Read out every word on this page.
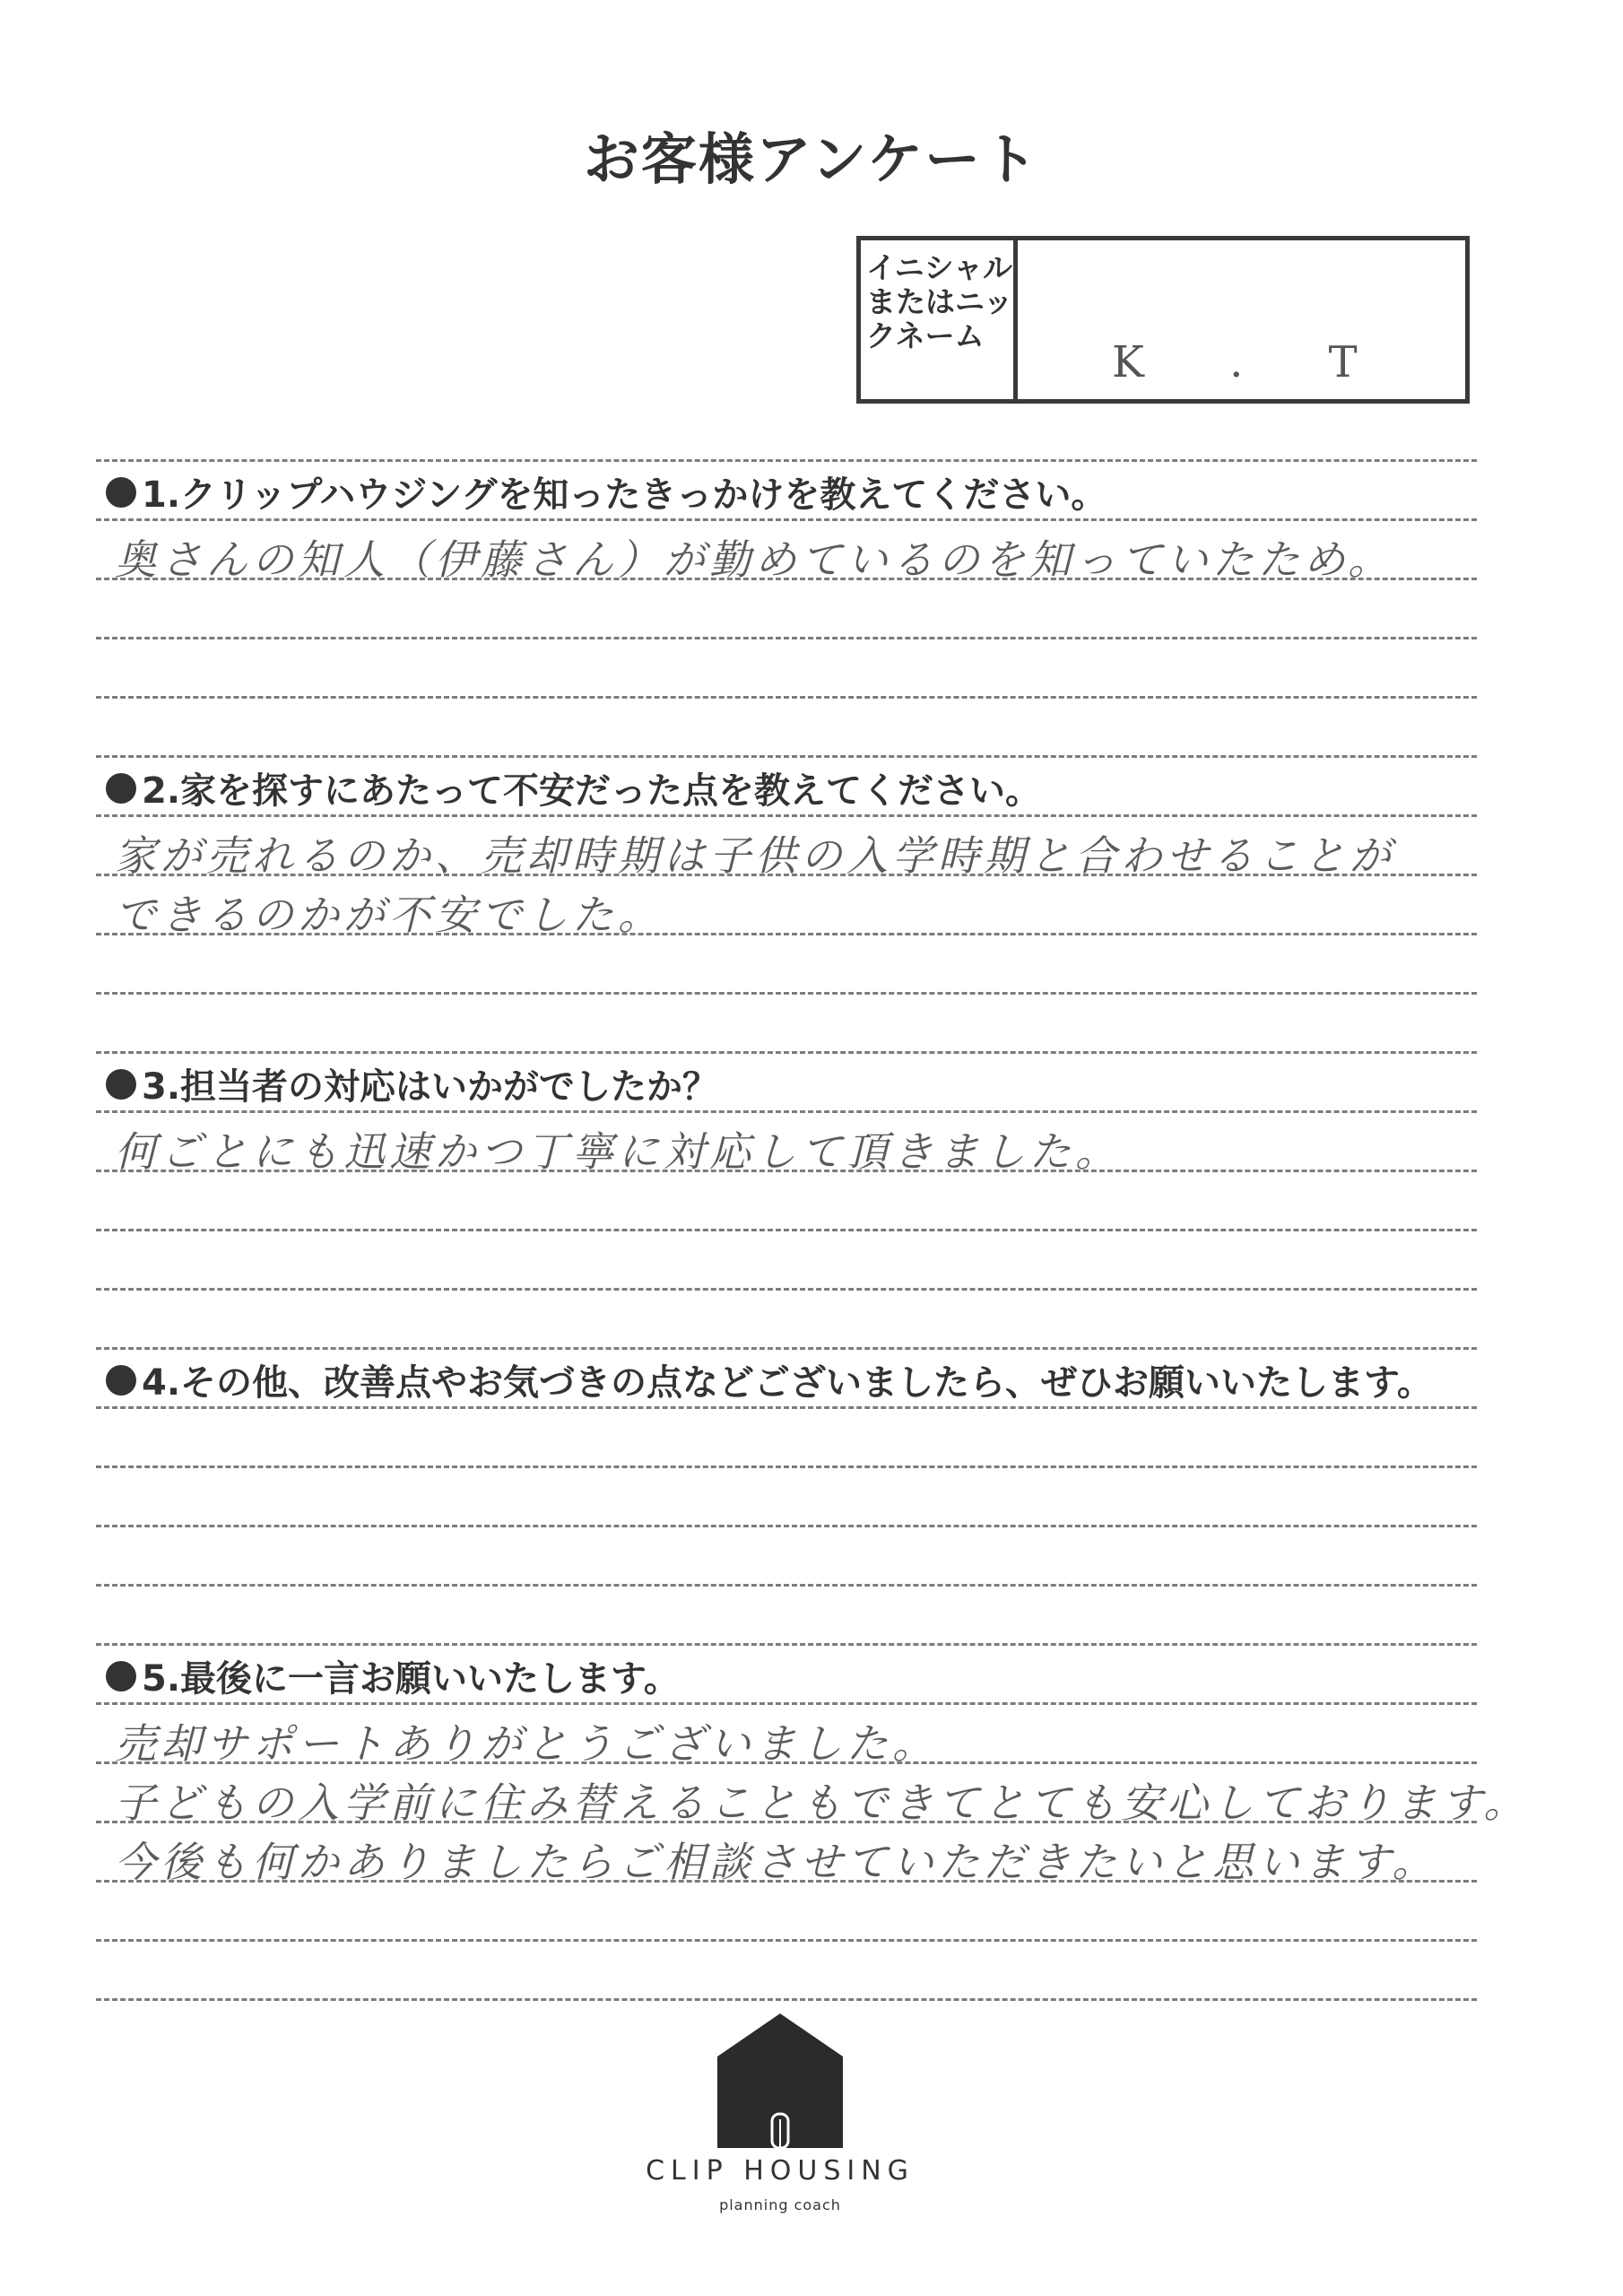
お客様アンケート
イニシャルまたはニックネーム
K . T
1.クリップハウジングを知ったきっかけを教えてください。
奥さんの知人（伊藤さん）が勤めているのを知っていたため。
2.家を探すにあたって不安だった点を教えてください。
家が売れるのか、売却時期は子供の入学時期と合わせることが
できるのかが不安でした。
3.担当者の対応はいかがでしたか？
何ごとにも迅速かつ丁寧に対応して頂きました。
4.その他、改善点やお気づきの点などございましたら、ぜひお願いいたします。
5.最後に一言お願いいたします。
売却サポートありがとうございました。
子どもの入学前に住み替えることもできてとても安心しております。
今後も何かありましたらご相談させていただきたいと思います。
CLIP HOUSING
planning coach
